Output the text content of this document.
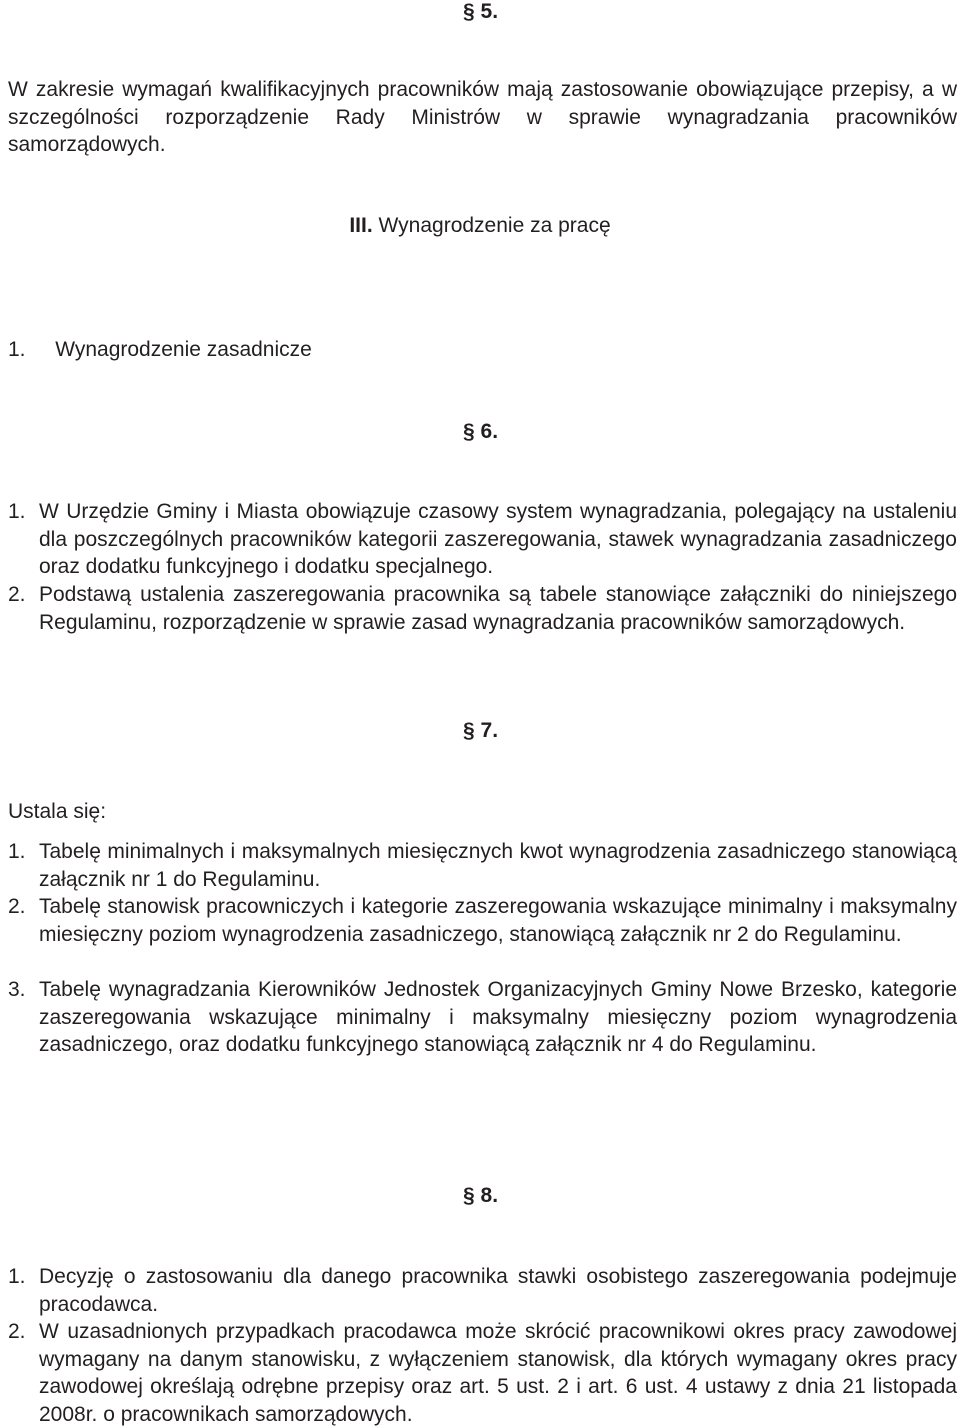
§ 5.
W zakresie wymagań kwalifikacyjnych pracowników mają zastosowanie obowiązujące przepisy, a w szczególności rozporządzenie Rady Ministrów w sprawie wynagradzania pracowników samorządowych.
III. Wynagrodzenie za pracę
1. Wynagrodzenie zasadnicze
§ 6.
1. W Urzędzie Gminy i Miasta obowiązuje czasowy system wynagradzania, polegający na ustaleniu dla poszczególnych pracowników kategorii zaszeregowania, stawek wynagradzania zasadniczego oraz dodatku funkcyjnego i dodatku specjalnego.
2. Podstawą ustalenia zaszeregowania pracownika są tabele stanowiące załączniki do niniejszego Regulaminu, rozporządzenie w sprawie zasad wynagradzania pracowników samorządowych.
§ 7.
Ustala się:
1. Tabelę minimalnych i maksymalnych miesięcznych kwot wynagrodzenia zasadniczego stanowiącą załącznik nr 1 do Regulaminu.
2. Tabelę stanowisk pracowniczych i kategorie zaszeregowania wskazujące minimalny i maksymalny miesięczny poziom wynagrodzenia zasadniczego, stanowiącą załącznik nr 2 do Regulaminu.
3. Tabelę wynagradzania Kierowników Jednostek Organizacyjnych Gminy Nowe Brzesko, kategorie zaszeregowania wskazujące minimalny i maksymalny miesięczny poziom wynagrodzenia zasadniczego, oraz dodatku funkcyjnego stanowiącą załącznik nr 4 do Regulaminu.
§ 8.
1. Decyzję o zastosowaniu dla danego pracownika stawki osobistego zaszeregowania podejmuje pracodawca.
2. W uzasadnionych przypadkach pracodawca może skrócić pracownikowi okres pracy zawodowej wymagany na danym stanowisku, z wyłączeniem stanowisk, dla których wymagany okres pracy zawodowej określają odrębne przepisy oraz art. 5 ust. 2 i art. 6 ust. 4 ustawy z dnia 21 listopada 2008r. o pracownikach samorządowych.
